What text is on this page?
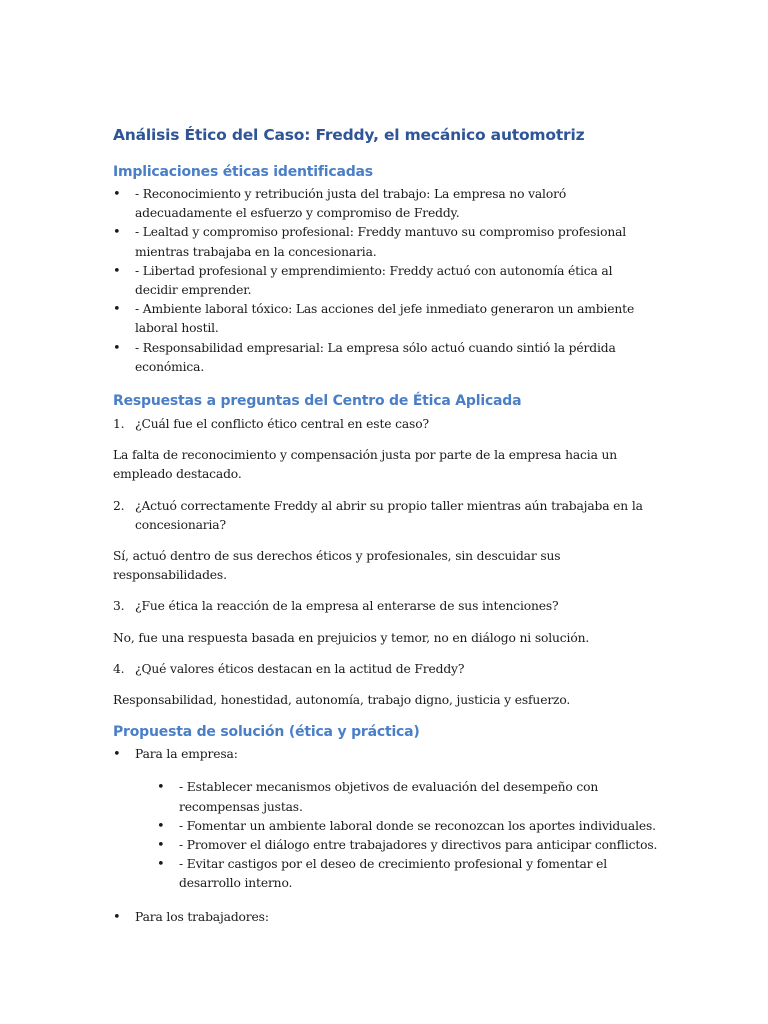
Análisis Ético del Caso: Freddy, el mecánico automotriz
Implicaciones éticas identificadas
• - Reconocimiento y retribución justa del trabajo: La empresa no valoró adecuadamente el esfuerzo y compromiso de Freddy.
• - Lealtad y compromiso profesional: Freddy mantuvo su compromiso profesional mientras trabajaba en la concesionaria.
• - Libertad profesional y emprendimiento: Freddy actuó con autonomía ética al decidir emprender.
• - Ambiente laboral tóxico: Las acciones del jefe inmediato generaron un ambiente laboral hostil.
• - Responsabilidad empresarial: La empresa sólo actuó cuando sintió la pérdida económica.
Respuestas a preguntas del Centro de Ética Aplicada
1. ¿Cuál fue el conflicto ético central en este caso?
La falta de reconocimiento y compensación justa por parte de la empresa hacia un empleado destacado.
2. ¿Actuó correctamente Freddy al abrir su propio taller mientras aún trabajaba en la concesionaria?
Sí, actuó dentro de sus derechos éticos y profesionales, sin descuidar sus responsabilidades.
3. ¿Fue ética la reacción de la empresa al enterarse de sus intenciones?
No, fue una respuesta basada en prejuicios y temor, no en diálogo ni solución.
4. ¿Qué valores éticos destacan en la actitud de Freddy?
Responsabilidad, honestidad, autonomía, trabajo digno, justicia y esfuerzo.
Propuesta de solución (ética y práctica)
• Para la empresa:
• - Establecer mecanismos objetivos de evaluación del desempeño con recompensas justas.
• - Fomentar un ambiente laboral donde se reconozcan los aportes individuales.
• - Promover el diálogo entre trabajadores y directivos para anticipar conflictos.
• - Evitar castigos por el deseo de crecimiento profesional y fomentar el desarrollo interno.
• Para los trabajadores:
